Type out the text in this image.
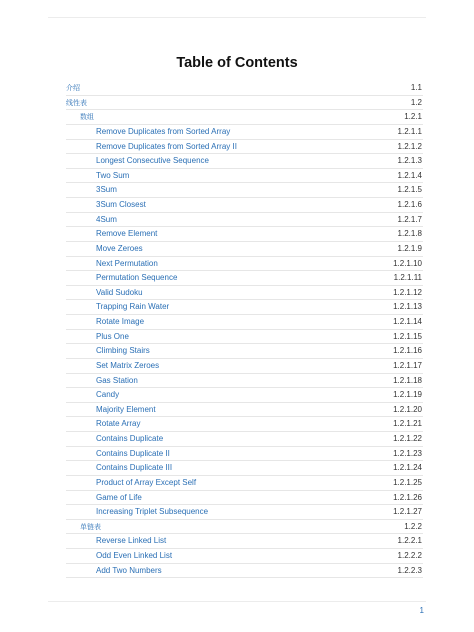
Table of Contents
介绍	1.1
线性表	1.2
数组	1.2.1
Remove Duplicates from Sorted Array	1.2.1.1
Remove Duplicates from Sorted Array II	1.2.1.2
Longest Consecutive Sequence	1.2.1.3
Two Sum	1.2.1.4
3Sum	1.2.1.5
3Sum Closest	1.2.1.6
4Sum	1.2.1.7
Remove Element	1.2.1.8
Move Zeroes	1.2.1.9
Next Permutation	1.2.1.10
Permutation Sequence	1.2.1.11
Valid Sudoku	1.2.1.12
Trapping Rain Water	1.2.1.13
Rotate Image	1.2.1.14
Plus One	1.2.1.15
Climbing Stairs	1.2.1.16
Set Matrix Zeroes	1.2.1.17
Gas Station	1.2.1.18
Candy	1.2.1.19
Majority Element	1.2.1.20
Rotate Array	1.2.1.21
Contains Duplicate	1.2.1.22
Contains Duplicate II	1.2.1.23
Contains Duplicate III	1.2.1.24
Product of Array Except Self	1.2.1.25
Game of Life	1.2.1.26
Increasing Triplet Subsequence	1.2.1.27
单链表	1.2.2
Reverse Linked List	1.2.2.1
Odd Even Linked List	1.2.2.2
Add Two Numbers	1.2.2.3
1
